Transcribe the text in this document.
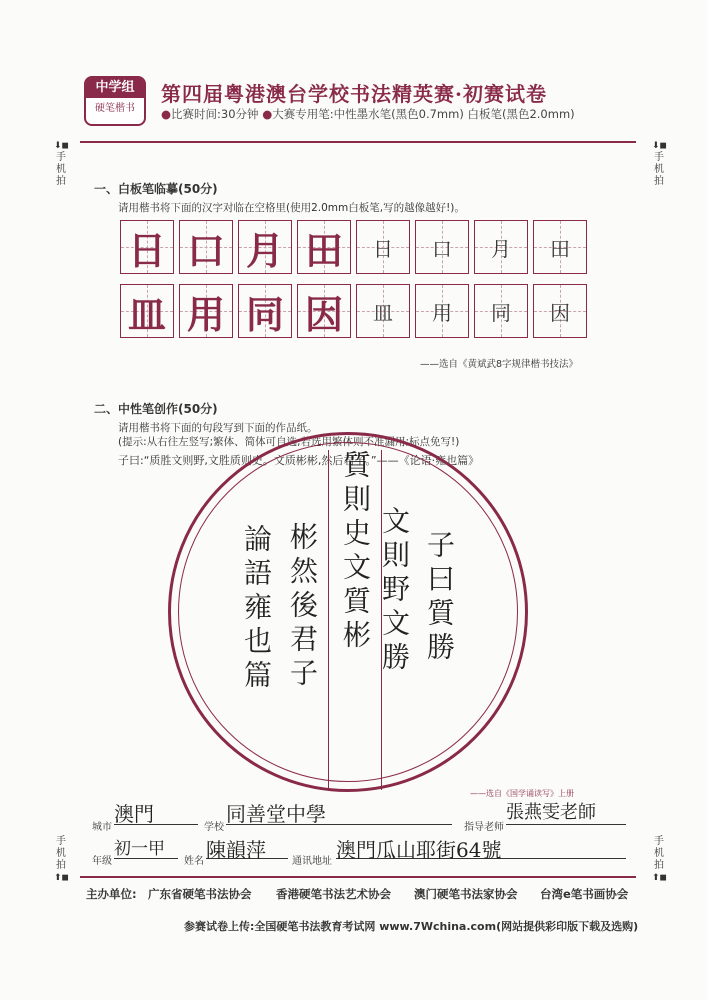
中学组
硬笔楷书
第四届粤港澳台学校书法精英赛·初赛试卷
●比赛时间:30分钟 ●大赛专用笔:中性墨水笔(黑色0.7mm) 白板笔(黑色2.0mm)
⬇◼
手机拍
⬇◼
手机拍
一、白板笔临摹(50分)
请用楷书将下面的汉字对临在空格里(使用2.0mm白板笔,写的越像越好!)。
日 口 月 田 日 口 月 田
皿 用 同 因 皿 用 同 因
——选自《黄斌武8字规律楷书技法》
二、中性笔创作(50分)
请用楷书将下面的句段写到下面的作品纸。
(提示:从右往左竖写;繁体、简体可自选,若选用繁体则不准漏用;标点免写!)
子曰:“质胜文则野,文胜质则史。文质彬彬,然后君子。”——《论语·雍也篇》
子曰質勝
文則野文勝
質則史文質彬
彬然後君子
論語雍也篇
——选自《国学诵读写》上册
城市
澳門
学校
同善堂中學
指导老师
張燕雯老師
年级
初一甲
姓名 陳韻萍	通讯地址 澳門瓜山耶街64號
手机拍
⬆◼
手机拍
⬆◼
主办单位: 广东省硬笔书法协会 香港硬笔书法艺术协会 澳门硬笔书法家协会 台湾e笔书画协会
参赛试卷上传:全国硬笔书法教育考试网 www.7Wchina.com(网站提供彩印版下载及选购)
